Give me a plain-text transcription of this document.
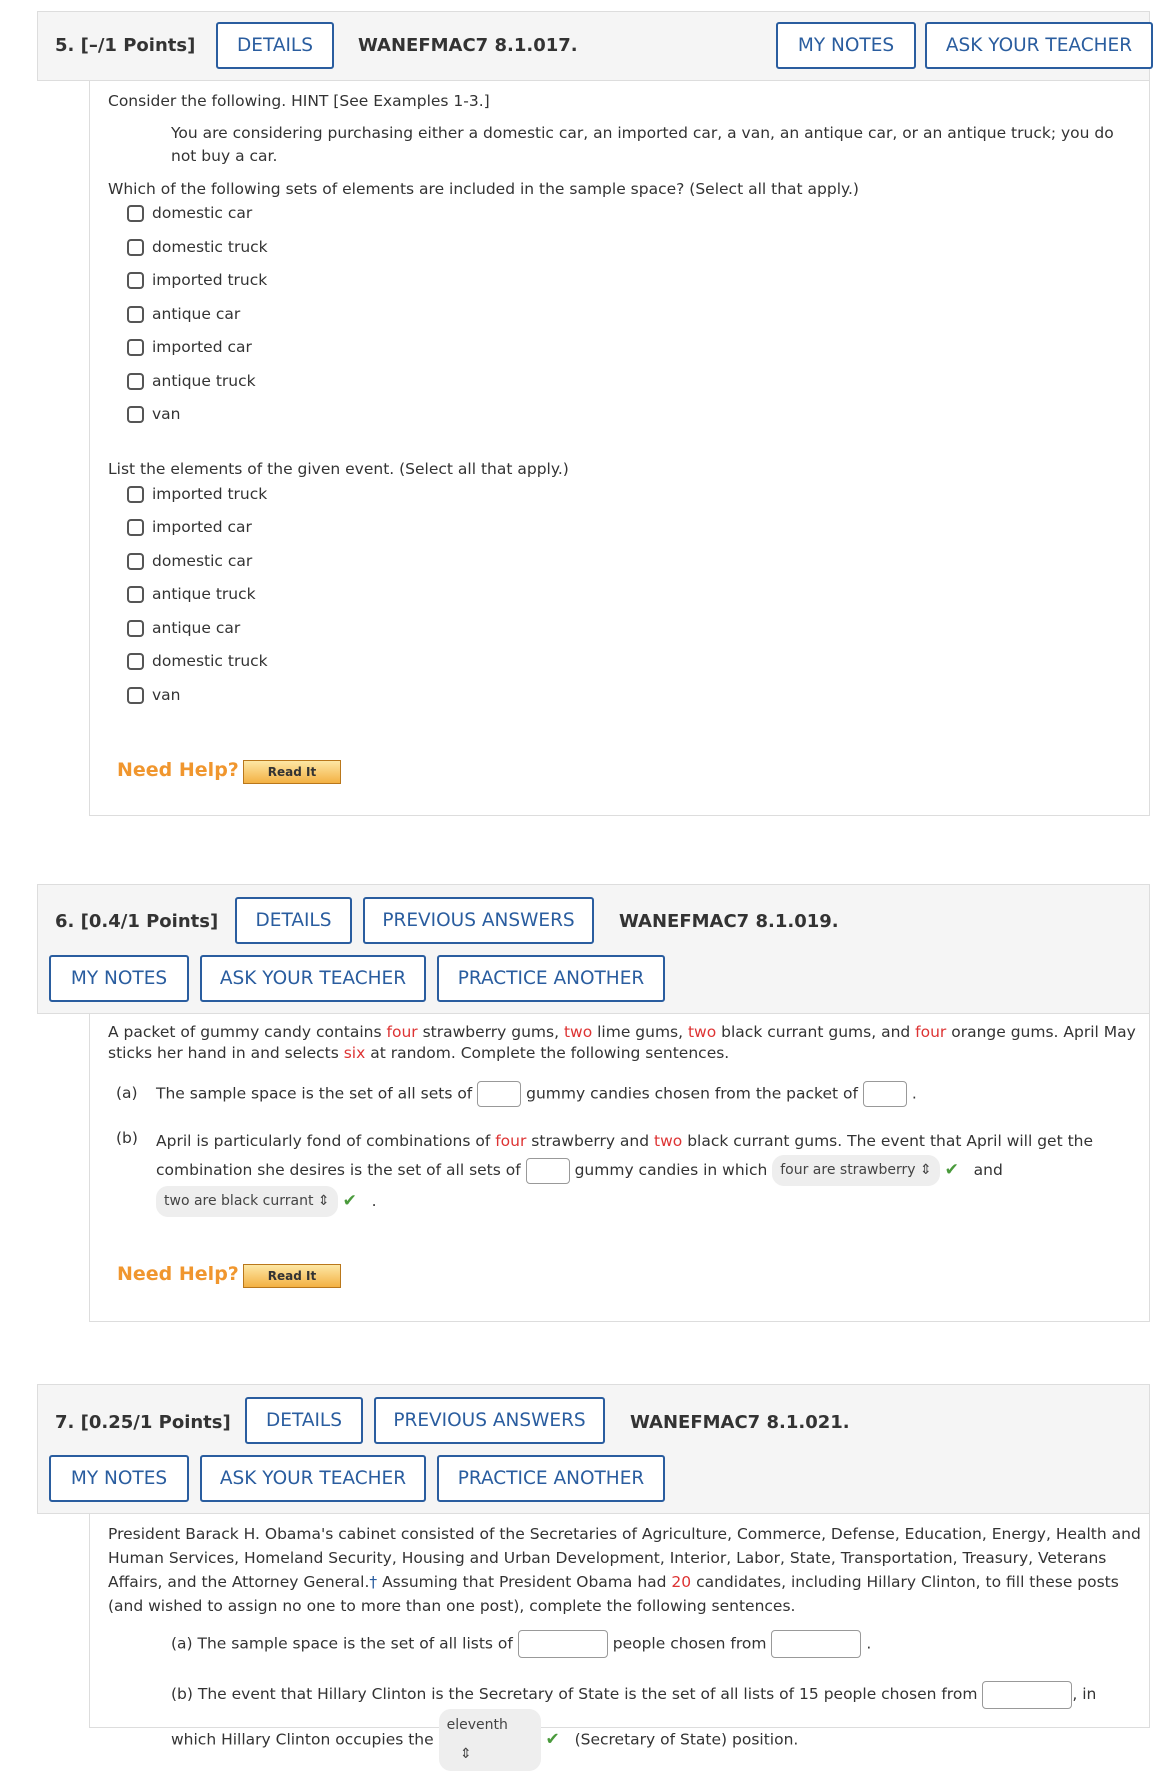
5. [–/1 Points]	DETAILS	WANEFMAC7 8.1.017.	MY NOTES	ASK YOUR TEACHER
Consider the following. HINT [See Examples 1-3.]
You are considering purchasing either a domestic car, an imported car, a van, an antique car, or an antique truck; you do not buy a car.
Which of the following sets of elements are included in the sample space? (Select all that apply.)
domestic car
domestic truck
imported truck
antique car
imported car
antique truck
van
List the elements of the given event. (Select all that apply.)
imported truck
imported car
domestic car
antique truck
antique car
domestic truck
van
Need Help?	Read It
6. [0.4/1 Points]	DETAILS	PREVIOUS ANSWERS	WANEFMAC7 8.1.019.
MY NOTES	ASK YOUR TEACHER	PRACTICE ANOTHER
A packet of gummy candy contains four strawberry gums, two lime gums, two black currant gums, and four orange gums. April May sticks her hand in and selects six at random. Complete the following sentences.
(a) The sample space is the set of all sets of	gummy candies chosen from the packet of	.
(b) April is particularly fond of combinations of four strawberry and two black currant gums. The event that April will get the combination she desires is the set of all sets of	gummy candies in which four are strawberry ⇕ ✔ and
two are black currant ⇕ ✔   .
Need Help?	Read It
7. [0.25/1 Points]	DETAILS	PREVIOUS ANSWERS	WANEFMAC7 8.1.021.
MY NOTES	ASK YOUR TEACHER	PRACTICE ANOTHER
President Barack H. Obama's cabinet consisted of the Secretaries of Agriculture, Commerce, Defense, Education, Energy, Health and Human Services, Homeland Security, Housing and Urban Development, Interior, Labor, State, Transportation, Treasury, Veterans Affairs, and the Attorney General.† Assuming that President Obama had 20 candidates, including Hillary Clinton, to fill these posts (and wished to assign no one to more than one post), complete the following sentences.
(a) The sample space is the set of all lists of	people chosen from	.
(b) The event that Hillary Clinton is the Secretary of State is the set of all lists of 15 people chosen from	, in
which Hillary Clinton occupies the eleventh    ⇕ ✔ (Secretary of State) position.
